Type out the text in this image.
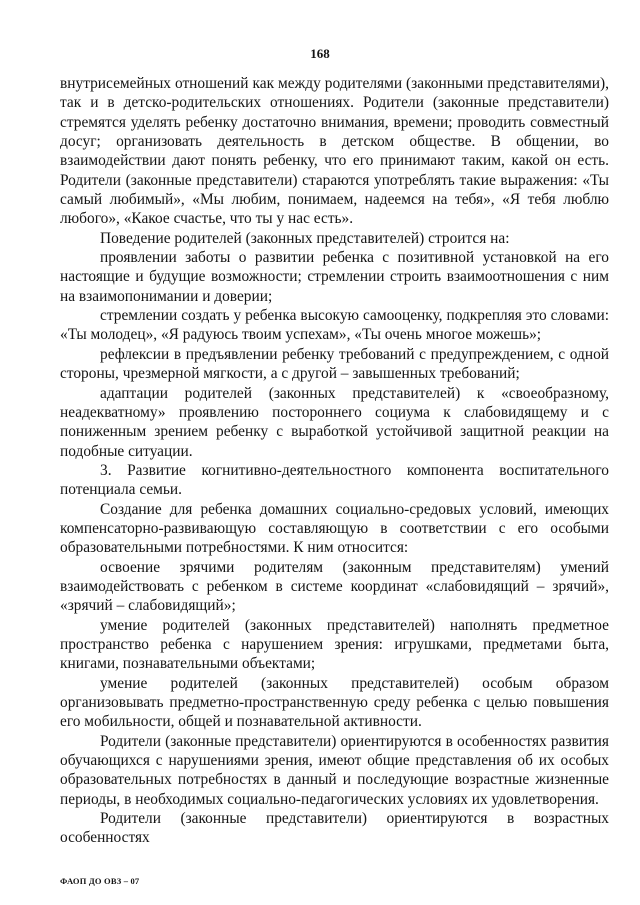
168

внутрисемейных отношений как между родителями (законными представителями), так и в детско-родительских отношениях. Родители (законные представители) стремятся уделять ребенку достаточно внимания, времени; проводить совместный досуг; организовать деятельность в детском обществе. В общении, во взаимодействии дают понять ребенку, что его принимают таким, какой он есть. Родители (законные представители) стараются употреблять такие выражения: «Ты самый любимый», «Мы любим, понимаем, надеемся на тебя», «Я тебя люблю любого», «Какое счастье, что ты у нас есть».

Поведение родителей (законных представителей) строится на:

проявлении заботы о развитии ребенка с позитивной установкой на его настоящие и будущие возможности; стремлении строить взаимоотношения с ним на взаимопонимании и доверии;

стремлении создать у ребенка высокую самооценку, подкрепляя это словами: «Ты молодец», «Я радуюсь твоим успехам», «Ты очень многое можешь»;

рефлексии в предъявлении ребенку требований с предупреждением, с одной стороны, чрезмерной мягкости, а с другой – завышенных требований;

адаптации родителей (законных представителей) к «своеобразному, неадекватному» проявлению постороннего социума к слабовидящему и с пониженным зрением ребенку с выработкой устойчивой защитной реакции на подобные ситуации.

3. Развитие когнитивно-деятельностного компонента воспитательного потенциала семьи.

Создание для ребенка домашних социально-средовых условий, имеющих компенсаторно-развивающую составляющую в соответствии с его особыми образовательными потребностями. К ним относится:

освоение зрячими родителям (законным представителям) умений взаимодействовать с ребенком в системе координат «слабовидящий – зрячий», «зрячий – слабовидящий»;

умение родителей (законных представителей) наполнять предметное пространство ребенка с нарушением зрения: игрушками, предметами быта, книгами, познавательными объектами;

умение родителей (законных представителей) особым образом организовывать предметно-пространственную среду ребенка с целью повышения его мобильности, общей и познавательной активности.

Родители (законные представители) ориентируются в особенностях развития обучающихся с нарушениями зрения, имеют общие представления об их особых образовательных потребностях в данный и последующие возрастные жизненные периоды, в необходимых социально-педагогических условиях их удовлетворения.

Родители (законные представители) ориентируются в возрастных особенностях

ФАОП ДО ОВЗ – 07
